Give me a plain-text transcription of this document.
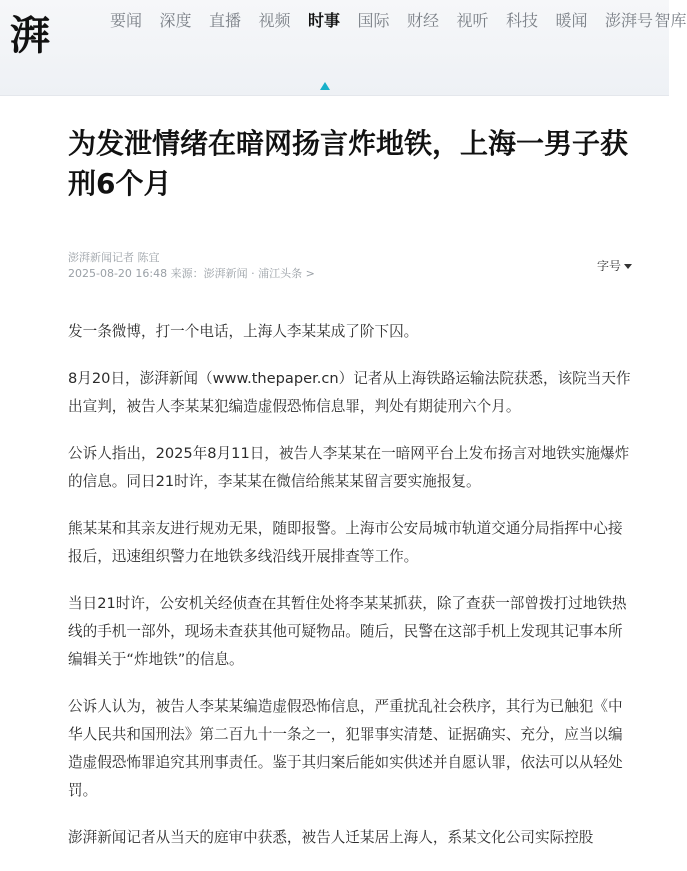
湃	要闻 深度 直播 视频 时事 国际 财经 视听 科技 暖闻 澎湃号 智库
为发泄情绪在暗网扬言炸地铁，上海一男子获刑6个月
澎湃新闻记者 陈宜
2025-08-20 16:48 来源：澎湃新闻 · 浦江头条 >
字号

发一条微博，打一个电话，上海人李某某成了阶下囚。

8月20日，澎湃新闻（www.thepaper.cn）记者从上海铁路运输法院获悉，该院当天作出宣判，被告人李某某犯编造虚假恐怖信息罪，判处有期徒刑六个月。

公诉人指出，2025年8月11日，被告人李某某在一暗网平台上发布扬言对地铁实施爆炸的信息。同日21时许，李某某在微信给熊某某留言要实施报复。

熊某某和其亲友进行规劝无果，随即报警。上海市公安局城市轨道交通分局指挥中心接报后，迅速组织警力在地铁多线沿线开展排查等工作。

当日21时许，公安机关经侦查在其暂住处将李某某抓获，除了查获一部曾拨打过地铁热线的手机一部外，现场未查获其他可疑物品。随后，民警在这部手机上发现其记事本所编辑关于“炸地铁”的信息。

公诉人认为，被告人李某某编造虚假恐怖信息，严重扰乱社会秩序，其行为已触犯《中华人民共和国刑法》第二百九十一条之一，犯罪事实清楚、证据确实、充分，应当以编造虚假恐怖罪追究其刑事责任。鉴于其归案后能如实供述并自愿认罪，依法可以从轻处罚。

澎湃新闻记者从当天的庭审中获悉，被告人迁某居上海人，系某文化公司实际控股
